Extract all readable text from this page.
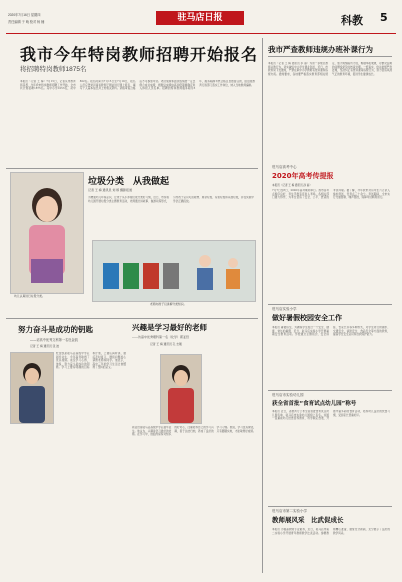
2020年7月16日 星期四
责任编辑 于 萌 校对 杨 楠	驻马店日报	科教 5
我市今年特岗教师招聘开始报名
将招聘特岗教师1875名
本报讯（记者 王 梅）7月15日，记者从市教育局获悉，今年我市特岗教师招聘工作开始，全市共计划招聘1875名。其中小学1053名，初中822名。报名时间为7月15日至7月19日，报名人员应登录河南省教育厅网站进行网上报名，填写个人基本信息并上传相关资料。资格审查合格后方可参加考试。笔试成绩和面试成绩按一定比例合成总成绩，根据总成绩由高到低等额确定进入体检人员名单。招聘的特岗教师服务期为3年，服务期满考核合格且自愿留任的，由县级教育行政部门落实工作岗位，纳入当地教师编制。
我市严查教师违规办班补课行为
本报讯（记者 王 梅 通讯员 李 丽）为进一步规范教师从教行为，切实减轻中小学生课业负担，近日，市教育局下发通知，严禁在职中小学教师有偿补课和违规办班。通知要求，各地要严格落实教育部相关规定，加大明察暗访力度，畅通举报渠道，对群众反映的问题线索及时核查处理。一经查实，依法依规严肃处理，坚决纠正有偿补课等违规行为，努力营造风清气正的教育环境，促进学生健康成长。
垃圾分类　从我做起
记者 王 梅 通讯员 刘 婷 摄影报道
为增强幼儿环保意识，让孩子从小养成垃圾分类好习惯，近日，市实验幼儿园开展垃圾分类主题教育活动，老师通过讲故事、做游戏等形式，引导孩子认识可回收物、厨余垃圾、有害垃圾和其他垃圾，并在实践中学会正确投放。
幼儿认真进行垃圾分类。
老师向孩子们讲解分类知识。
驻马店高考中心
2020年高考传提报
本报讯（记者 王 梅 通讯员 孙 丽）
7月7日至8日，2020年高考顺利举行。我市各考点秩序良好，考生平稳有序进入考场。各相关部门通力协作，为考生营造了安全、公平、舒适的考试环境。据了解，今年我市共有考生六万余人参加考试，设考点三十余个。考试期间，全市实行交通管制、噪声管控，保障考试顺利进行。
驻马店实验小学
做好暑假校园安全工作
本报讯 暑假将至，为确保学生度过一个安全、健康、快乐的暑假，近日，驻马店实验小学开展暑期安全教育活动。学校通过主题班会、安全讲座、告家长书等多种形式，对学生进行防溺水、交通安全、消防安全、食品安全等方面的教育，提高学生安全意识和自我保护能力。
驻马店市实验幼儿园
获全省首批“食育试点幼儿园”称号
本报讯 近日，省教育厅公布全省首批食育试点幼儿园名单，驻马店市实验幼儿园榜上有名。该园一直重视幼儿饮食营养教育，科学制定食谱，开展丰富多彩的食育活动，培养幼儿良好的饮食习惯，受到家长普遍好评。
驻马店市第二实验小学
教师展风采　比武促成长
本报讯 为提高教师专业素养，近日，驻马店市第二实验小学开展青年教师教学比武活动。参赛教师精心准备，课堂设计新颖，充分展示了良好的教学风采。
努力奋斗是成功的钥匙
——访高中优秀文科第一名杜金凯
记者 王 梅 通讯员 张 波
杜金凯是驻马店高级中学应届毕业生，今年高考取得了优异成绩。谈及学习心得，他说，努力奋斗是成功的钥匙。学习上要有明确的目标和计划，上课认真听讲，课后及时复习，遇到问题虚心请教老师和同学。他表示，高中三年的学习生活让他懂得了坚持的意义。
兴趣是学习最好的老师
——访高中优秀理科第一名（化学）郭亚哲
记者 王 梅 通讯员 孔 志刚
郭亚哲是驻马店高级中学应届毕业生。他认为，兴趣是学习最好的老师。在学习中，他始终保持对知识的好奇心，注重培养自己的学习兴趣，善于总结归纳，养成了良好的学习习惯。他说，学习没有捷径，只有脚踏实地，才能取得好成绩。
